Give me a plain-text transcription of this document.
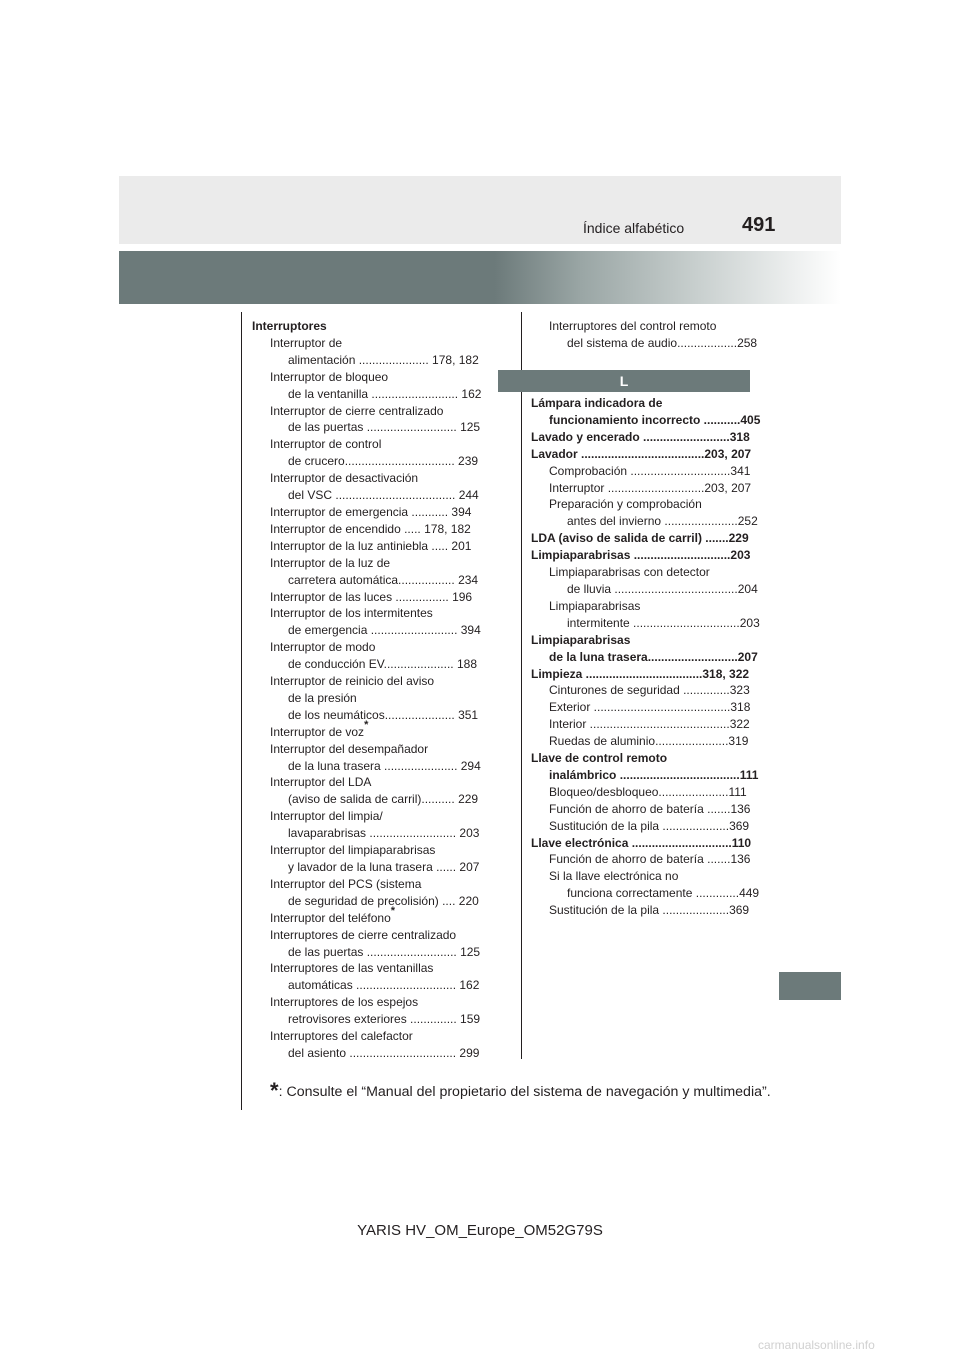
Índice alfabético	491
Interruptores
Interruptor de
alimentación ..................... 178, 182
Interruptor de bloqueo
de la ventanilla .......................... 162
Interruptor de cierre centralizado
de las puertas ........................... 125
Interruptor de control
de crucero................................. 239
Interruptor de desactivación
del VSC .................................... 244
Interruptor de emergencia ........... 394
Interruptor de encendido ..... 178, 182
Interruptor de la luz antiniebla ..... 201
Interruptor de la luz de
carretera automática................. 234
Interruptor de las luces ................ 196
Interruptor de los intermitentes
de emergencia .......................... 394
Interruptor de modo
de conducción EV..................... 188
Interruptor de reinicio del aviso
de la presión
de los neumáticos..................... 351
Interruptor de voz*
Interruptor del desempañador
de la luna trasera ...................... 294
Interruptor del LDA
(aviso de salida de carril).......... 229
Interruptor del limpia/
lavaparabrisas .......................... 203
Interruptor del limpiaparabrisas
y lavador de la luna trasera ...... 207
Interruptor del PCS (sistema
de seguridad de precolisión) .... 220
Interruptor del teléfono*
Interruptores de cierre centralizado
de las puertas ........................... 125
Interruptores de las ventanillas
automáticas .............................. 162
Interruptores de los espejos
retrovisores exteriores .............. 159
Interruptores del calefactor
del asiento ................................ 299
Interruptores del control remoto
del sistema de audio..................258
L
Lámpara indicadora de
funcionamiento incorrecto ...........405
Lavado y encerado ..........................318
Lavador .....................................203, 207
Comprobación ..............................341
Interruptor .............................203, 207
Preparación y comprobación
antes del invierno ......................252
LDA (aviso de salida de carril) .......229
Limpiaparabrisas .............................203
Limpiaparabrisas con detector
de lluvia .....................................204
Limpiaparabrisas
intermitente ................................203
Limpiaparabrisas
de la luna trasera...........................207
Limpieza ...................................318, 322
Cinturones de seguridad ..............323
Exterior .........................................318
Interior ..........................................322
Ruedas de aluminio......................319
Llave de control remoto
inalámbrico ....................................111
Bloqueo/desbloqueo.....................111
Función de ahorro de batería .......136
Sustitución de la pila ....................369
Llave electrónica ..............................110
Función de ahorro de batería .......136
Si la llave electrónica no
funciona correctamente .............449
Sustitución de la pila ....................369
*: Consulte el “Manual del propietario del sistema de navegación y multimedia”.
YARIS HV_OM_Europe_OM52G79S
carmanualsonline.info
